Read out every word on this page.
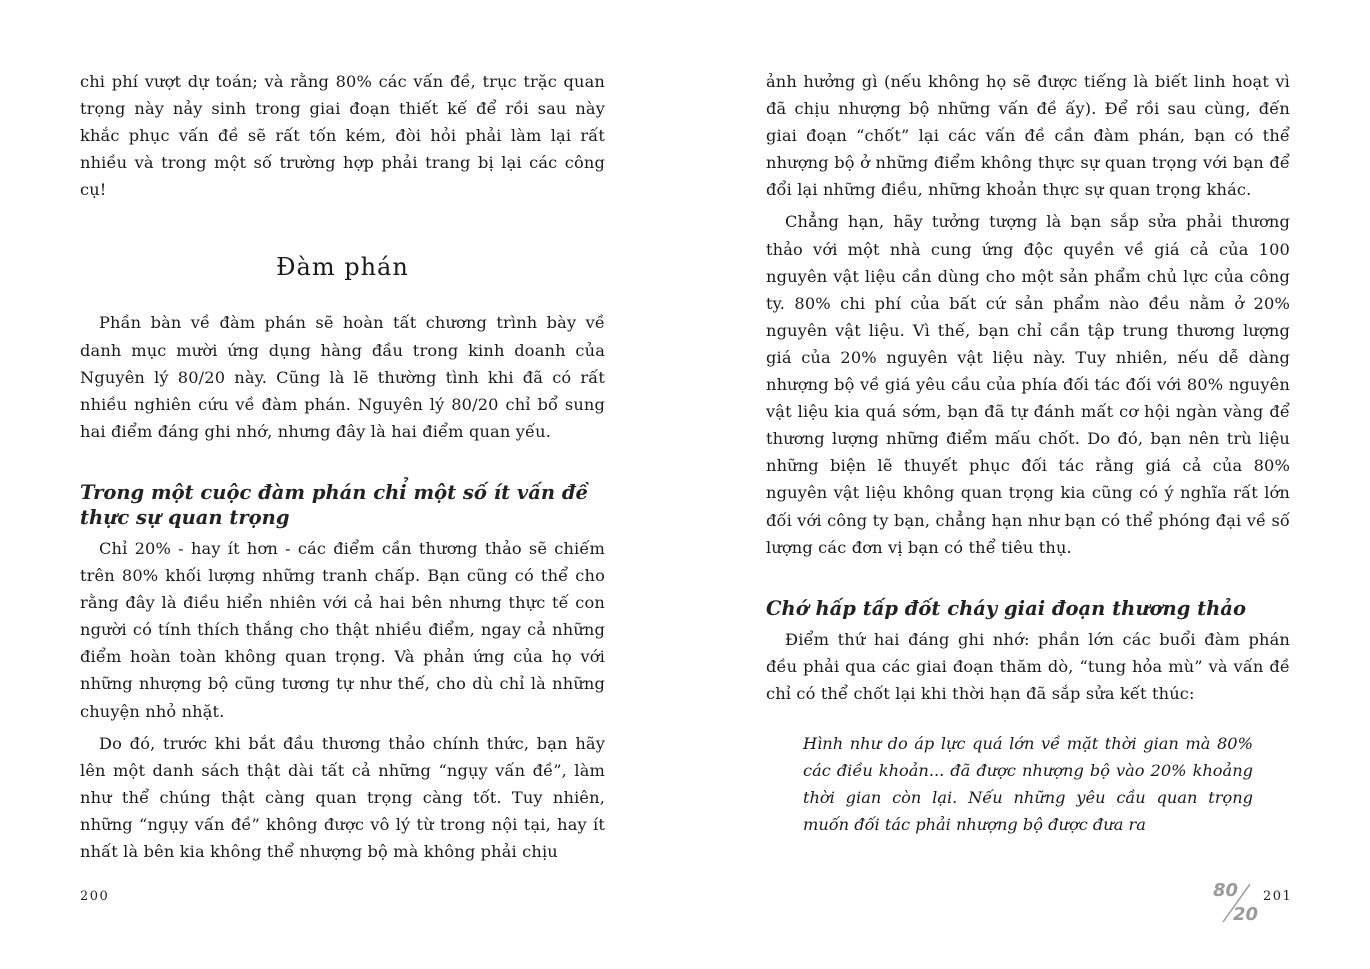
chi phí vượt dự toán; và rằng 80% các vấn đề, trục trặc quan trọng này nảy sinh trong giai đoạn thiết kế để rồi sau này khắc phục vấn đề sẽ rất tốn kém, đòi hỏi phải làm lại rất nhiều và trong một số trường hợp phải trang bị lại các công cụ!

Đàm phán

Phần bàn về đàm phán sẽ hoàn tất chương trình bày về danh mục mười ứng dụng hàng đầu trong kinh doanh của Nguyên lý 80/20 này. Cũng là lẽ thường tình khi đã có rất nhiều nghiên cứu về đàm phán. Nguyên lý 80/20 chỉ bổ sung hai điểm đáng ghi nhớ, nhưng đây là hai điểm quan yếu.

Trong một cuộc đàm phán chỉ một số ít vấn đề thực sự quan trọng

Chỉ 20% - hay ít hơn - các điểm cần thương thảo sẽ chiếm trên 80% khối lượng những tranh chấp. Bạn cũng có thể cho rằng đây là điều hiển nhiên với cả hai bên nhưng thực tế con người có tính thích thắng cho thật nhiều điểm, ngay cả những điểm hoàn toàn không quan trọng. Và phản ứng của họ với những nhượng bộ cũng tương tự như thế, cho dù chỉ là những chuyện nhỏ nhặt.

Do đó, trước khi bắt đầu thương thảo chính thức, bạn hãy lên một danh sách thật dài tất cả những “ngụy vấn đề”, làm như thể chúng thật càng quan trọng càng tốt. Tuy nhiên, những “ngụy vấn đề” không được vô lý từ trong nội tại, hay ít nhất là bên kia không thể nhượng bộ mà không phải chịu

ảnh hưởng gì (nếu không họ sẽ được tiếng là biết linh hoạt vì đã chịu nhượng bộ những vấn đề ấy). Để rồi sau cùng, đến giai đoạn “chốt” lại các vấn đề cần đàm phán, bạn có thể nhượng bộ ở những điểm không thực sự quan trọng với bạn để đổi lại những điều, những khoản thực sự quan trọng khác.

Chẳng hạn, hãy tưởng tượng là bạn sắp sửa phải thương thảo với một nhà cung ứng độc quyền về giá cả của 100 nguyên vật liệu cần dùng cho một sản phẩm chủ lực của công ty. 80% chi phí của bất cứ sản phẩm nào đều nằm ở 20% nguyên vật liệu. Vì thế, bạn chỉ cần tập trung thương lượng giá của 20% nguyên vật liệu này. Tuy nhiên, nếu dễ dàng nhượng bộ về giá yêu cầu của phía đối tác đối với 80% nguyên vật liệu kia quá sớm, bạn đã tự đánh mất cơ hội ngàn vàng để thương lượng những điểm mấu chốt. Do đó, bạn nên trù liệu những biện lẽ thuyết phục đối tác rằng giá cả của 80% nguyên vật liệu không quan trọng kia cũng có ý nghĩa rất lớn đối với công ty bạn, chẳng hạn như bạn có thể phóng đại về số lượng các đơn vị bạn có thể tiêu thụ.

Chớ hấp tấp đốt cháy giai đoạn thương thảo

Điểm thứ hai đáng ghi nhớ: phần lớn các buổi đàm phán đều phải qua các giai đoạn thăm dò, “tung hỏa mù” và vấn đề chỉ có thể chốt lại khi thời hạn đã sắp sửa kết thúc:

Hình như do áp lực quá lớn về mặt thời gian mà 80% các điều khoản... đã được nhượng bộ vào 20% khoảng thời gian còn lại. Nếu những yêu cầu quan trọng muốn đối tác phải nhượng bộ được đưa ra
200	80
20
201
